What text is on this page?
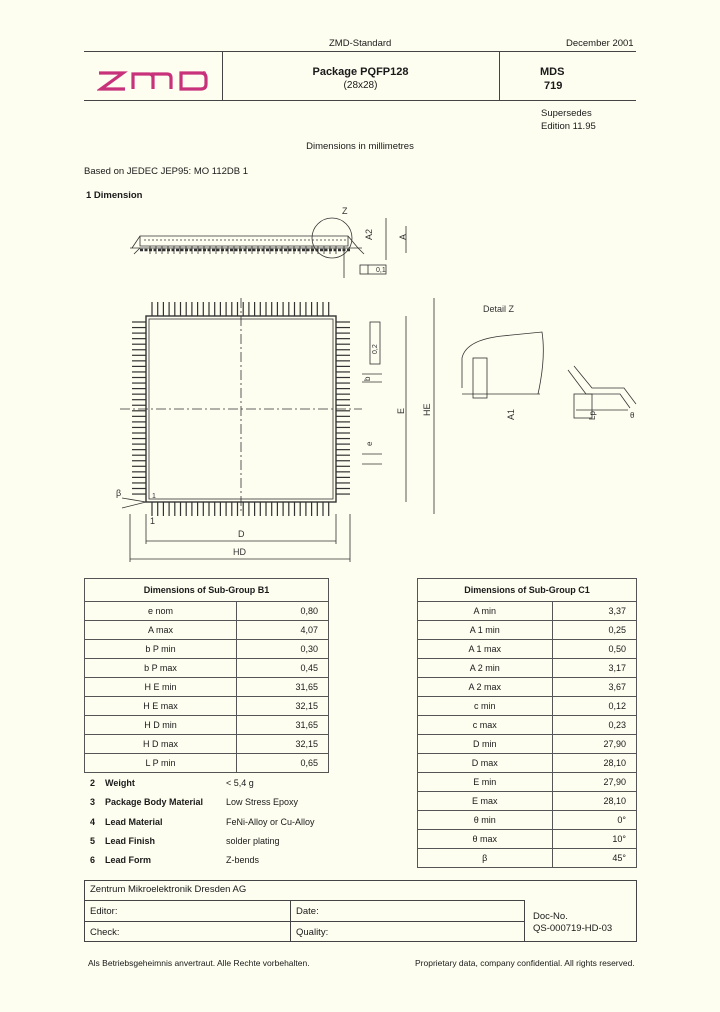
ZMD-Standard	December 2001
Package PQFP128
(28x28)
MDS
719
Supersedes
Edition 11.95
Dimensions in millimetres
Based on JEDEC JEP95: MO 112DB 1
1 Dimension
Z
A2	A
0,1
β	1
1
D
HD
0,2
b
e
E HE
Detail Z
A1	Lp	θ
Dimensions of Sub-Group B1	
e nom	0,80
A max	4,07
b P min	0,30
b P max	0,45
H E min	31,65
H E max	32,15
H D min	31,65
H D max	32,15
L P min	0,65
Dimensions of Sub-Group C1	
A min	3,37
A 1 min	0,25
A 1 max	0,50
A 2 min	3,17
A 2 max	3,67
c min	0,12
c max	0,23
D min	27,90
D max	28,10
E min	27,90
E max	28,10
θ min	0°
θ max	10°
β	45°
2 Weight	< 5,4 g
3 Package Body Material	Low Stress Epoxy
4 Lead Material	FeNi-Alloy or Cu-Alloy
5 Lead Finish	solder plating
6 Lead Form	Z-bends
Zentrum Mikroelektronik Dresden AG
Editor:	Date:
Check:	Quality:
Doc-No.
QS-000719-HD-03
Als Betriebsgeheimnis anvertraut. Alle Rechte vorbehalten.	Proprietary data, company confidential. All rights reserved.
